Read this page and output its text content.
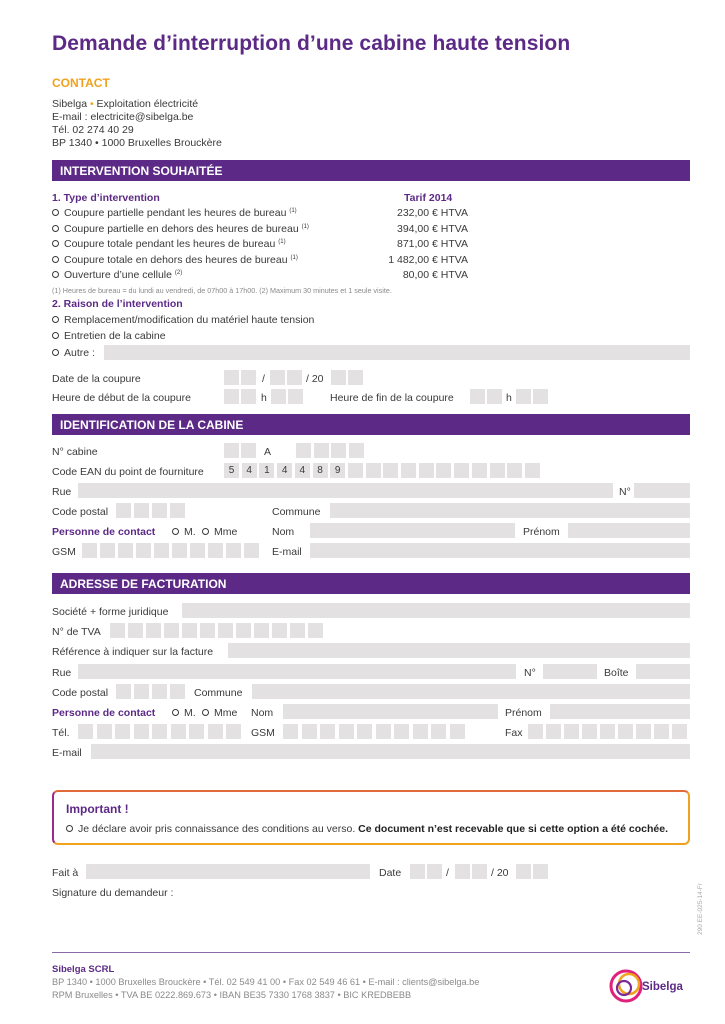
Demande d’interruption d’une cabine haute tension
CONTACT
Sibelga • Exploitation électricité
E-mail : electricite@sibelga.be
Tél. 02 274 40 29
BP 1340 • 1000 Bruxelles Brouckère
INTERVENTION SOUHAITÉE
1. Type d’intervention	Tarif 2014
Coupure partielle pendant les heures de bureau $^{(1)}$	232,00 € HTVA
Coupure partielle en dehors des heures de bureau $^{(1)}$	394,00 € HTVA
Coupure totale pendant les heures de bureau $^{(1)}$	871,00 € HTVA
Coupure totale en dehors des heures de bureau $^{(1)}$	1 482,00 € HTVA
Ouverture d’une cellule $^{(2)}$	80,00 € HTVA
(1) Heures de bureau = du lundi au vendredi, de 07h00 à 17h00. (2) Maximum 30 minutes et 1 seule visite.
2. Raison de l’intervention
Remplacement/modification du matériel haute tension
Entretien de la cabine
Autre :
Date de la coupure	/	/ 20
Heure de début de la coupure	h	Heure de fin de la coupure	h
IDENTIFICATION DE LA CABINE
N° cabine	A
Code EAN du point de fourniture	5	4	1	4	4	8	9
Rue	N°
Code postal	Commune
Personne de contact	M.	Mme	Nom	Prénom
GSM	E-mail
ADRESSE DE FACTURATION
Société + forme juridique
N° de TVA
Référence à indiquer sur la facture
Rue	N°	Boîte
Code postal	Commune
Personne de contact	M.	Mme Nom	Prénom
Tél.	GSM	Fax
E-mail
Important !
Je déclare avoir pris connaissance des conditions au verso. Ce document n’est recevable que si cette option a été cochée.
Fait à	Date	/	/ 20
Signature du demandeur :	290 EE-025-14-Fr
Sibelga SCRL
BP 1340 • 1000 Bruxelles Brouckère • Tél. 02 549 41 00 • Fax 02 549 46 61 • E-mail : clients@sibelga.be
RPM Bruxelles • TVA BE 0222.869.673 • IBAN BE35 7330 1768 3837 • BIC KREDBEBB
Sibelga
